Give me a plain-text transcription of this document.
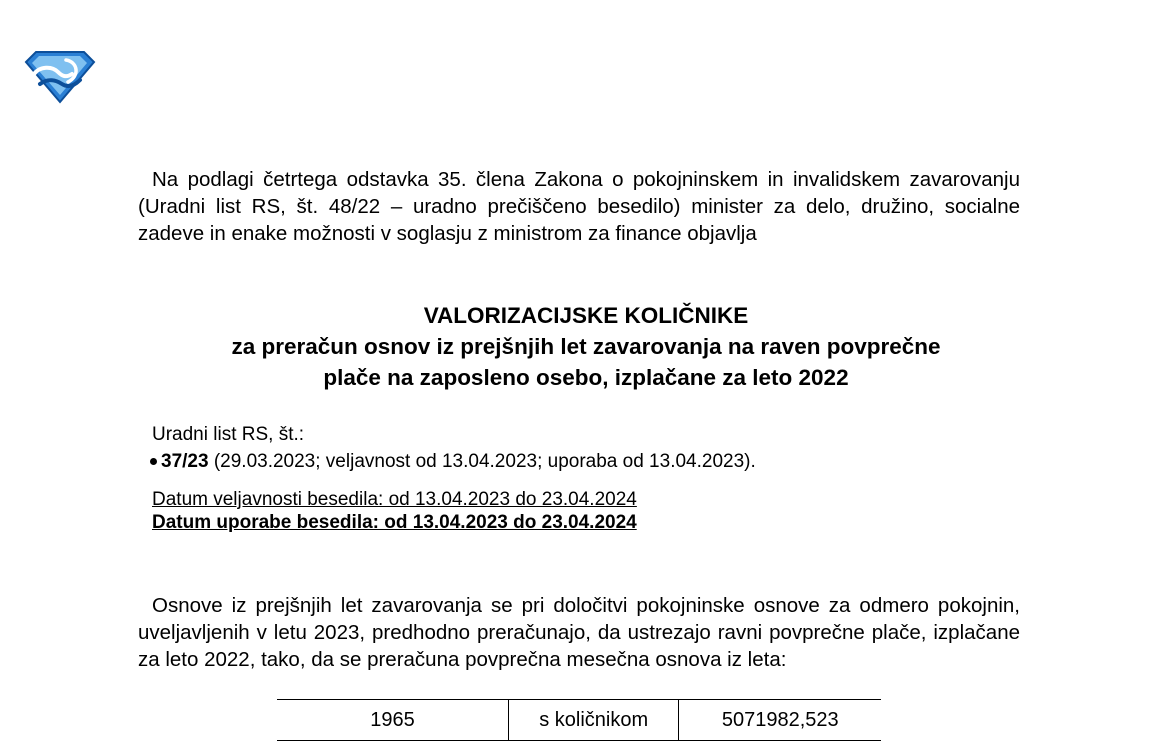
Na podlagi četrtega odstavka 35. člena Zakona o pokojninskem in invalidskem zavarovanju (Uradni list RS, št. 48/22 – uradno prečiščeno besedilo) minister za delo, družino, socialne zadeve in enake možnosti v soglasju z ministrom za finance objavlja

VALORIZACIJSKE KOLIČNIKE
za preračun osnov iz prejšnjih let zavarovanja na raven povprečne
plače na zaposleno osebo, izplačane za leto 2022
Uradni list RS, št.:
37/23 (29.03.2023; veljavnost od 13.04.2023; uporaba od 13.04.2023).
Datum veljavnosti besedila: od 13.04.2023 do 23.04.2024
Datum uporabe besedila: od 13.04.2023 do 23.04.2024

Osnove iz prejšnjih let zavarovanja se pri določitvi pokojninske osnove za odmero pokojnin, uveljavljenih v letu 2023, predhodno preračunajo, da ustrezajo ravni povprečne plače, izplačane za leto 2022, tako, da se preračuna povprečna mesečna osnova iz leta:

1965	s količnikom	5071982,523
